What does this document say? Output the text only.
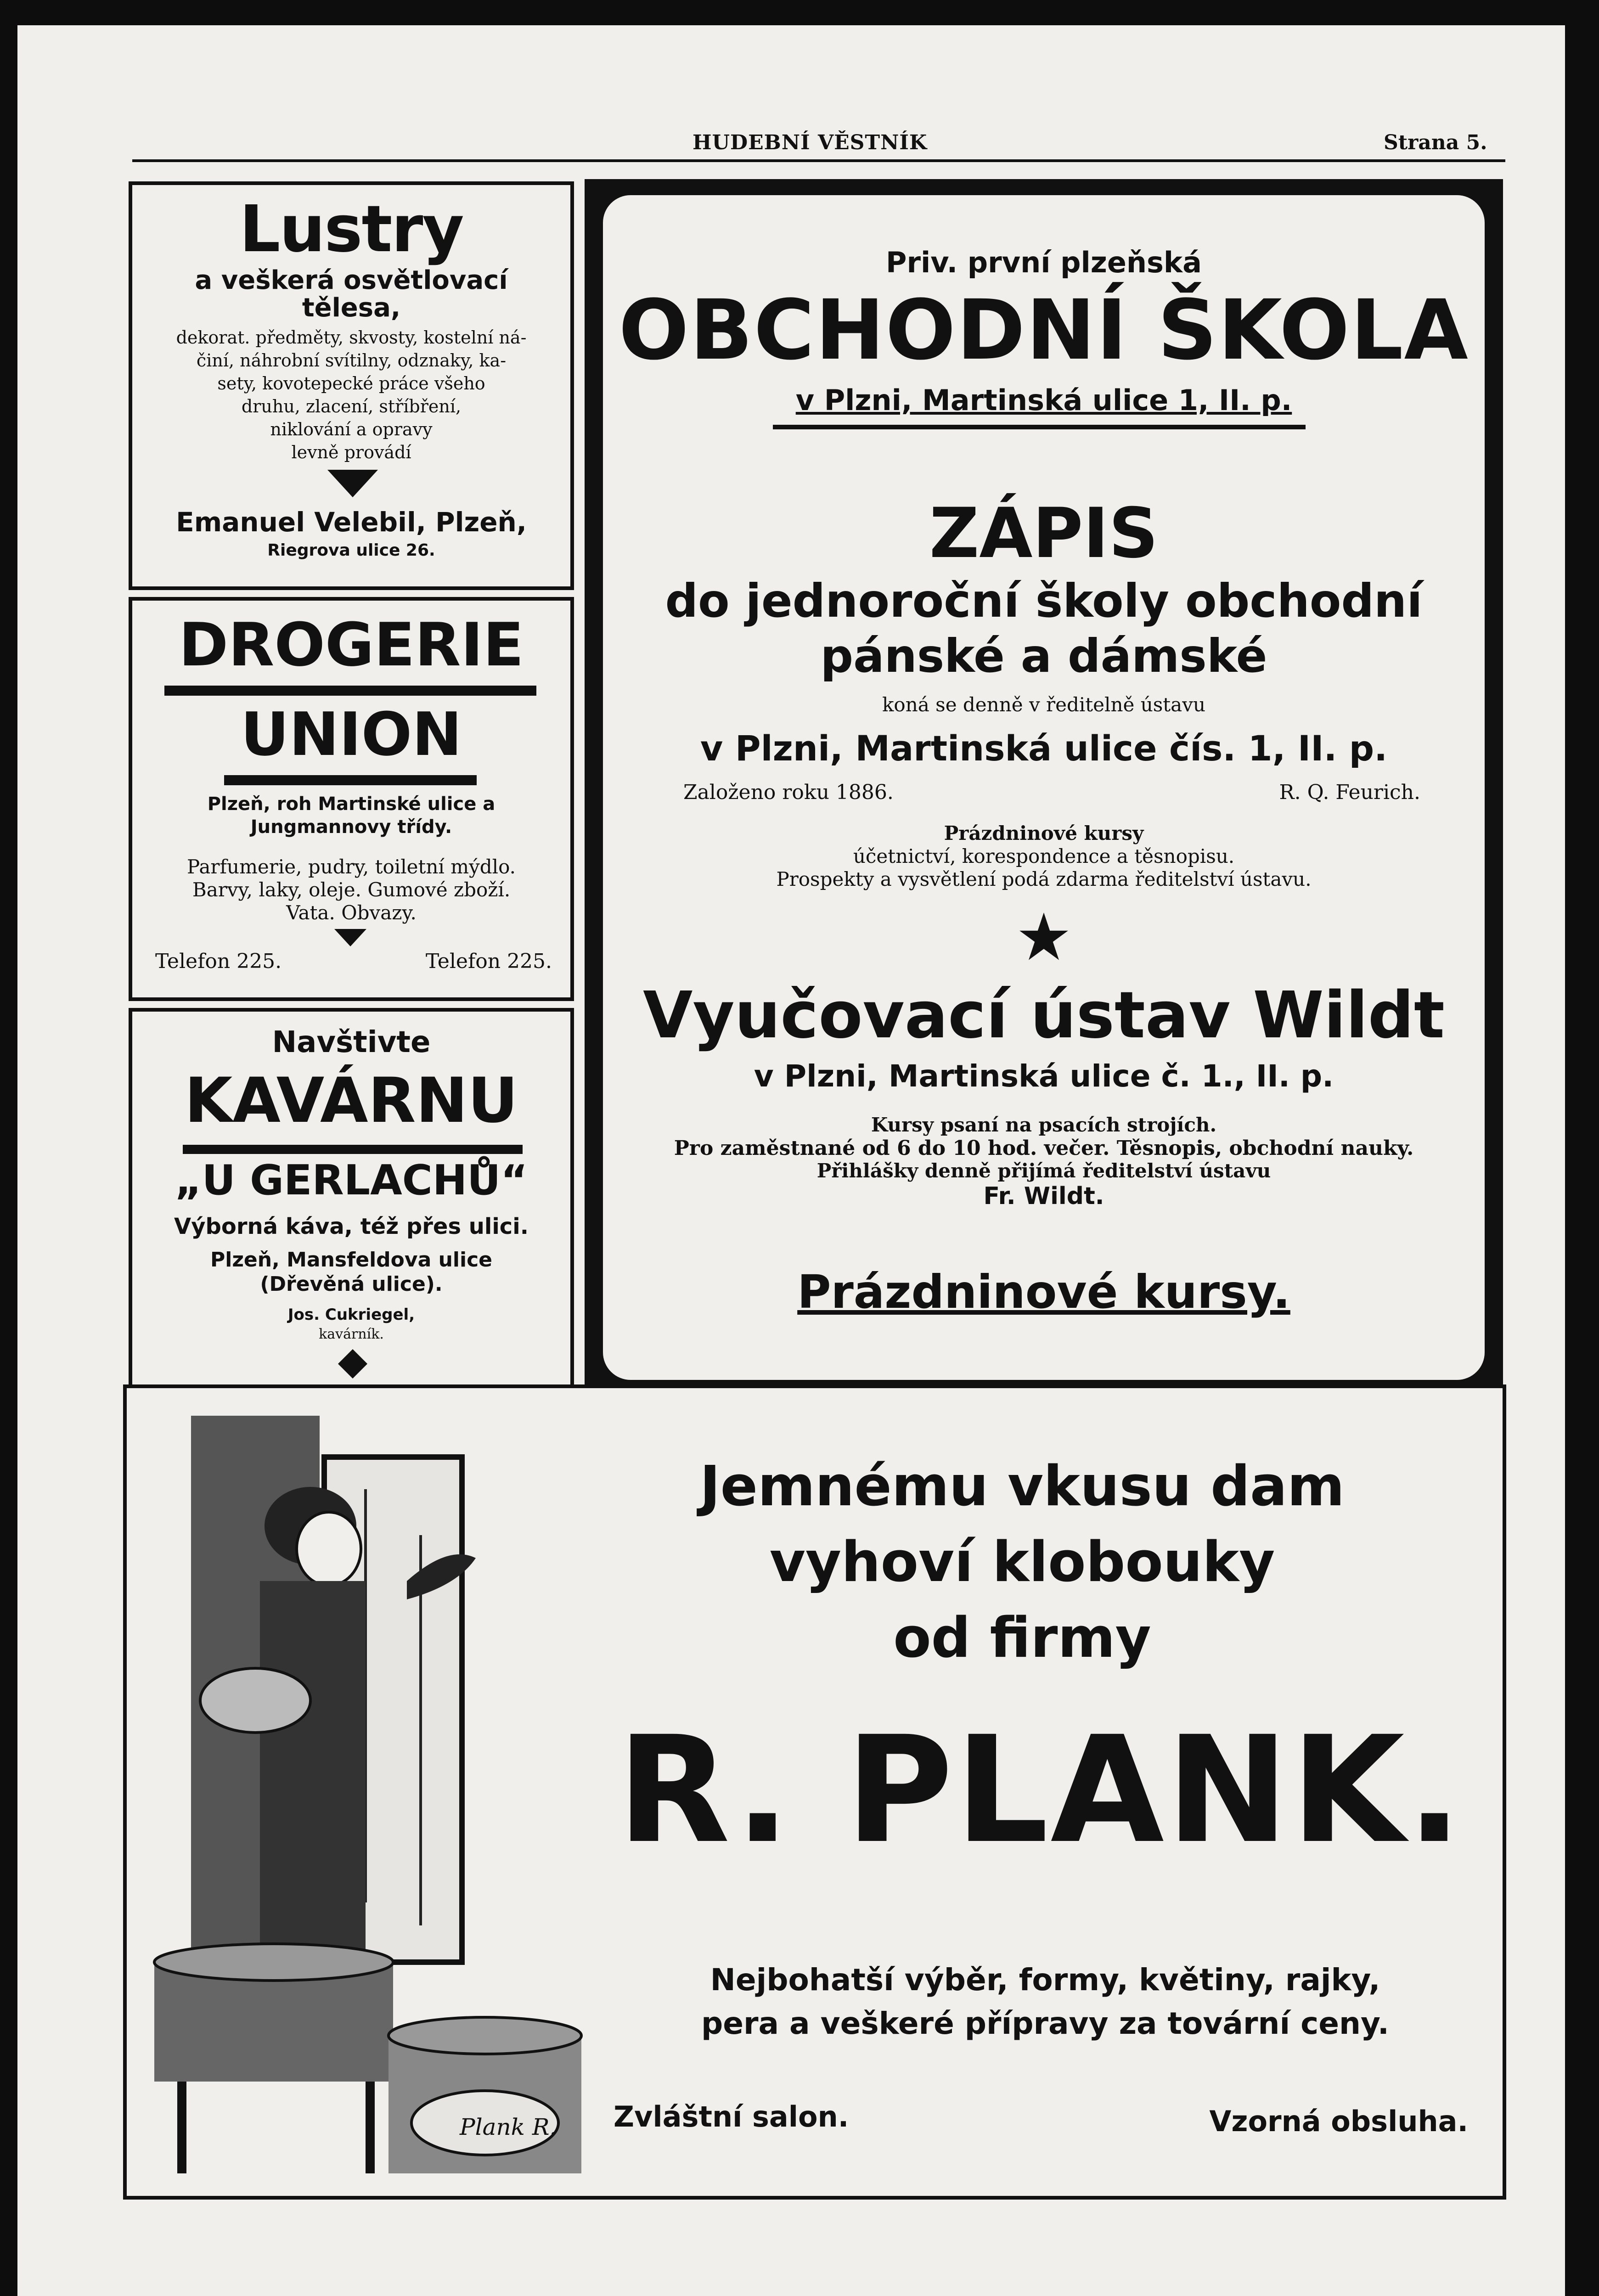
HUDEBNÍ VĚSTNÍK	Strana 5.
Lustry
a veškerá osvětlovací
tělesa,
dekorat. předměty, skvosty, kostelní ná-
činí, náhrobní svítilny, odznaky, ka-
sety, kovotepecké práce všeho
druhu, zlacení, stříbření,
niklování a opravy
levně provádí
Emanuel Velebil, Plzeň,
Riegrova ulice 26.
DROGERIE
UNION
Plzeň, roh Martinské ulice a
Jungmannovy třídy.
Parfumerie, pudry, toiletní mýdlo.
Barvy, laky, oleje. Gumové zboží.
Vata. Obvazy.
Telefon 225.	Telefon 225.
Navštivte
KAVÁRNU
„U GERLACHŮ“
Výborná káva, též přes ulici.
Plzeň, Mansfeldova ulice
(Dřevěná ulice).
Jos. Cukriegel,
kavárník.
Priv. první plzeňská
OBCHODNÍ ŠKOLA
v Plzni, Martinská ulice 1, II. p.
ZÁPIS
do jednoroční školy obchodní
pánské a dámské
koná se denně v ředitelně ústavu
v Plzni, Martinská ulice čís. 1, II. p.
Založeno roku 1886.	R. Q. Feurich.
Prázdninové kursy
účetnictví, korespondence a těsnopisu.
Prospekty a vysvětlení podá zdarma ředitelství ústavu.
Vyučovací ústav Wildt
v Plzni, Martinská ulice č. 1., II. p.
Kursy psaní na psacích strojích.
Pro zaměstnané od 6 do 10 hod. večer. Těsnopis, obchodní nauky.
Přihlášky denně přijímá ředitelství ústavu
Fr. Wildt.
Prázdninové kursy.
Plank R.
Jemnému vkusu dam
vyhoví klobouky
od firmy
R. PLANK.
Nejbohatší výběr, formy, květiny, rajky,
pera a veškeré přípravy za tovární ceny.
Zvláštní salon.	Vzorná obsluha.
